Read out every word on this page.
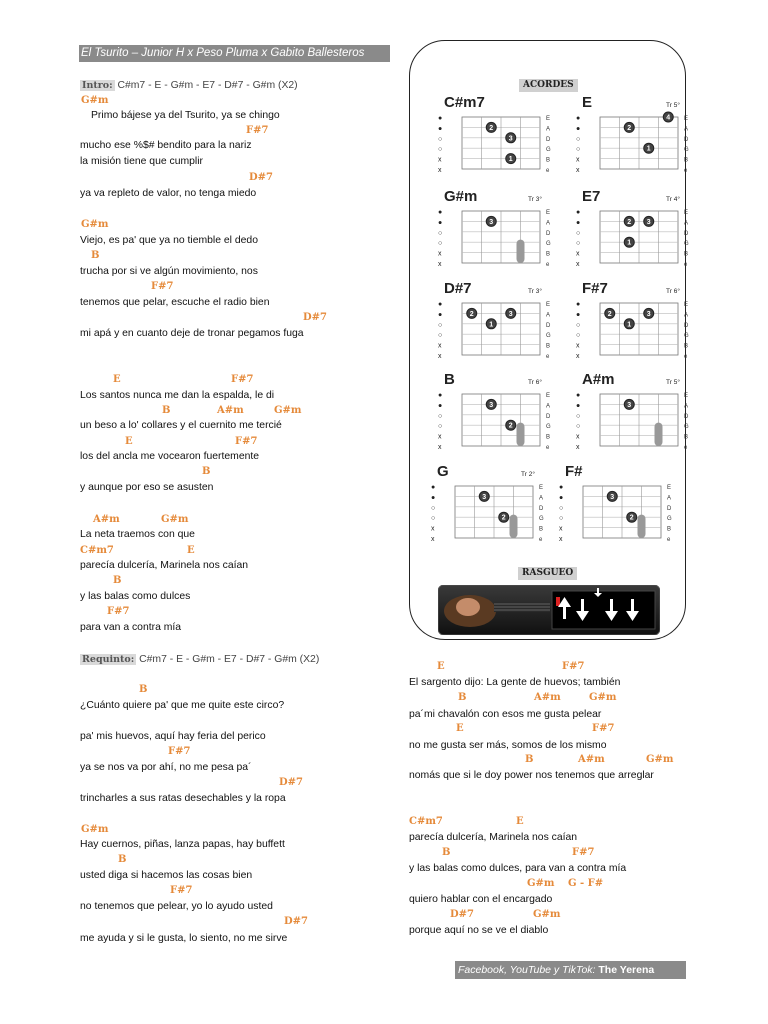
El Tsurito – Junior H x Peso Pluma x Gabito Ballesteros
Intro: C#m7 - E - G#m - E7 - D#7 - G#m (X2)
G#m
Primo bájese ya del Tsurito, ya se chingo
F#7
mucho ese %$# bendito para la nariz
la misión tiene que cumplir
D#7
ya va repleto de valor, no tenga miedo
G#m
Viejo, es pa' que ya no tiemble el dedo
B
trucha por si ve algún movimiento, nos
F#7
tenemos que pelar, escuche el radio bien
D#7
mi apá y en cuanto deje de tronar pegamos fuga
E	F#7
Los santos nunca me dan la espalda, le di
B	A#m	G#m
un beso a lo' collares y el cuernito me tercié
E	F#7
los del ancla me vocearon fuertemente
B
y aunque por eso se asusten
A#m	G#m
La neta traemos con que
C#m7	E
parecía dulcería, Marinela nos caían
B
y las balas como dulces
F#7
para van a contra mía
Requinto: C#m7 - E - G#m - E7 - D#7 - G#m (X2)
B
¿Cuánto quiere pa' que me quite este circo?
pa' mis huevos, aquí hay feria del perico
F#7
ya se nos va por ahí, no me pesa pa´
D#7
trincharles a sus ratas desechables y la ropa
G#m
Hay cuernos, piñas, lanza papas, hay buffett
B
usted diga si hacemos las cosas bien
F#7
no tenemos que pelear, yo lo ayudo usted
D#7
me ayuda y si le gusta, lo siento, no me sirve
E	F#7
El sargento dijo: La gente de huevos; también
B	A#m	G#m
pa´mi chavalón con esos me gusta pelear
E	F#7
no me gusta ser más, somos de los mismo
B	A#m	G#m
nomás que si le doy power nos tenemos que arreglar
C#m7	E
parecía dulcería, Marinela nos caían
B	F#7
y las balas como dulces, para van a contra mía
G#m G - F#
quiero hablar con el encargado
D#7	G#m
porque aquí no se ve el diablo
ACORDES
C#m7
●	E
●	A
○	D
○	G
x	B
x	e
2
3
1
E	Tr 5°
●	E
●	A
○	D
○	G
x	B
x	e
2
4
1
G#m	Tr 3°
●	E
●	A
○	D
○	G
x	B
x	e
3
E7	Tr 4°
●	E
●	A
○	D
○	G
x	B
x	e
2 3
1
D#7	Tr 3°
●	E
●	A
○	D
○	G
x	B
x	e
2
1
3
F#7	Tr 6°
●	E
●	A
○	D
○	G
x	B
x	e
2
1
3
B	Tr 6°
●	E
●	A
○	D
○	G
x	B
x	e
3
2
A#m	Tr 5°
●	E
●	A
○	D
○	G
x	B
x	e
3
G	Tr 2°
●	E
●	A
○	D
○	G
x	B
x	e
3
2
F#
●	E
●	A
○	D
○	G
x	B
x	e
3
2
RASGUEO
Facebook, YouTube y TikTok: The Yerena
